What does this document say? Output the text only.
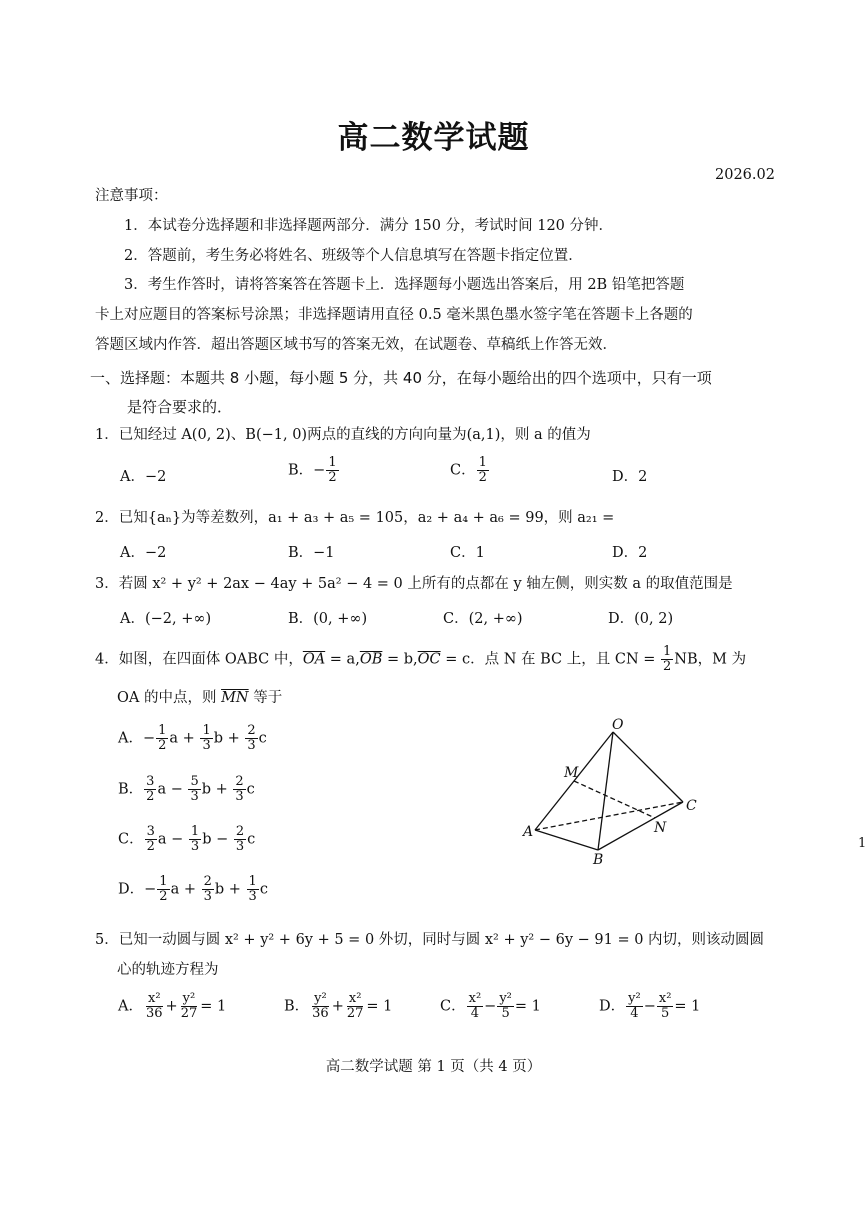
高二数学试题
2026.02
注意事项：
1．本试卷分选择题和非选择题两部分．满分 150 分，考试时间 120 分钟．
2．答题前，考生务必将姓名、班级等个人信息填写在答题卡指定位置．
3．考生作答时，请将答案答在答题卡上．选择题每小题选出答案后，用 2B 铅笔把答题
卡上对应题目的答案标号涂黑；非选择题请用直径 0.5 毫米黑色墨水签字笔在答题卡上各题的
答题区域内作答．超出答题区域书写的答案无效，在试题卷、草稿纸上作答无效．
一、选择题：本题共 8 小题，每小题 5 分，共 40 分，在每小题给出的四个选项中，只有一项
是符合要求的．
1．已知经过 A(0, 2)、B(−1, 0)两点的直线的方向向量为(a,1)，则 a 的值为
A．−2	B．− $\frac{1}{2}$	C． $\frac{1}{2}$	D．2
2．已知{aₙ}为等差数列，a₁ + a₃ + a₅ = 105，a₂ + a₄ + a₆ = 99，则 a₂₁ =
A．−2	B．−1	C．1	D．2
3．若圆 x² + y² + 2ax − 4ay + 5a² − 4 = 0 上所有的点都在 y 轴左侧，则实数 a 的取值范围是
A．(−2, +∞)	B．(0, +∞)	C．(2, +∞)	D．(0, 2)
4．如图，在四面体 OABC 中，$\overline{OA} = a,\overline{OB} = b,\overline{OC} = c$．点 N 在 BC 上，且 CN = $\frac{1}{2}$ NB，M 为
OA 的中点，则 $\overline{MN}$ 等于
A．− $\frac{1}{2}$ $a + \frac{1}{3}$ $b + \frac{2}{3}$ c
B． $\frac{3}{2}$ $a - \frac{5}{3}$ $b + \frac{2}{3}$ c
C． $\frac{3}{2}$ $a - \frac{1}{3}$ $b - \frac{2}{3}$ c
D．− $\frac{1}{2}$ $a + \frac{2}{3}$ $b + \frac{1}{3}$ c
O
M
C
A	N
B
1
5．已知一动圆与圆 x² + y² + 6y + 5 = 0 外切，同时与圆 x² + y² − 6y − 91 = 0 内切，则该动圆圆
心的轨迹方程为
A． $\frac{\text{x²}}{36} + \frac{\text{y²}}{27} = 1$	B． $\frac{\text{y²}}{36} + \frac{\text{x²}}{27} = 1$	C． $\frac{\text{x²}}{4} - \frac{\text{y²}}{5} = 1$	D． $\frac{\text{y²}}{4} - \frac{\text{x²}}{5} = 1$
高二数学试题 第 1 页（共 4 页）
